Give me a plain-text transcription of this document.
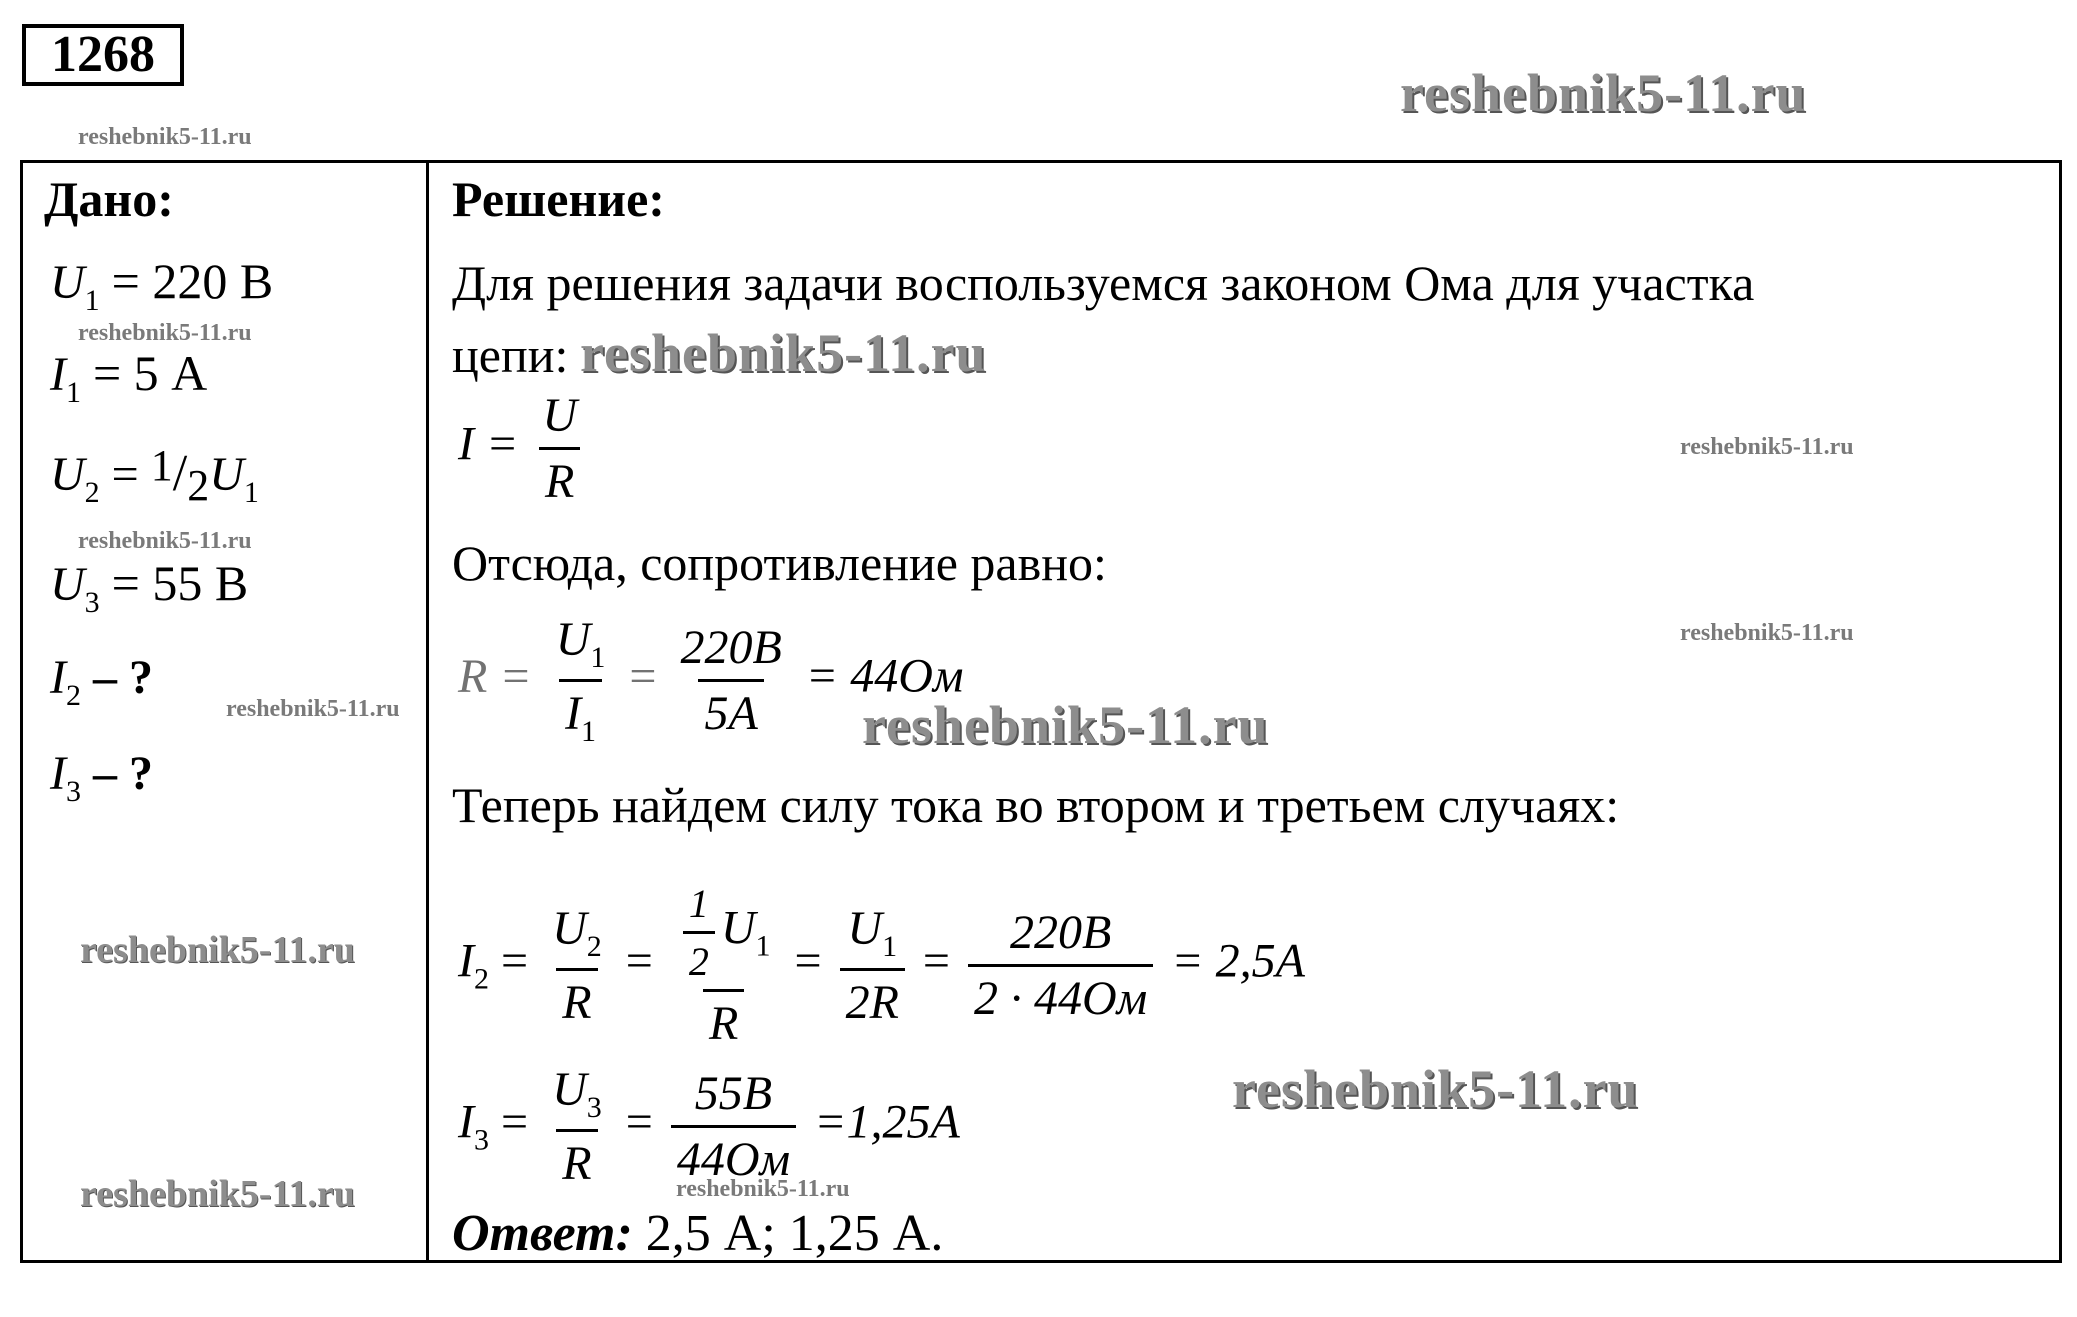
1268
reshebnik5-11.ru
reshebnik5-11.ru
Дано:
$U_1 = 220$ В
reshebnik5-11.ru
$I_1 = 5$ А
$U_2 = 1/2U_1$
reshebnik5-11.ru
$U_3 = 55$ В
$I_2$ – ?
reshebnik5-11.ru
$I_3$ – ?
reshebnik5-11.ru
reshebnik5-11.ru
Решение:
Для решения задачи воспользуемся законом Ома для участка
цепи: reshebnik5-11.ru
$I = \frac{U}{R}$	reshebnik5-11.ru
Отсюда, сопротивление равно:
reshebnik5-11.ru
$R = \frac{U_1}{I_1} = \frac{220B}{5A} = 44Ом$
reshebnik5-11.ru
Теперь найдем силу тока во втором и третьем случаях:
$I_2 = \frac{U_2}{R} = \frac{\frac{1}{2} U_1}{R} = \frac{U_1}{2R} = \frac{220B}{2 \cdot 44Ом} = 2,5A$
$I_3 = \frac{U_3}{R} = \frac{55B}{44Ом} =1,25A$
reshebnik5-11.ru
reshebnik5-11.ru
Ответ: 2,5 А; 1,25 А.
